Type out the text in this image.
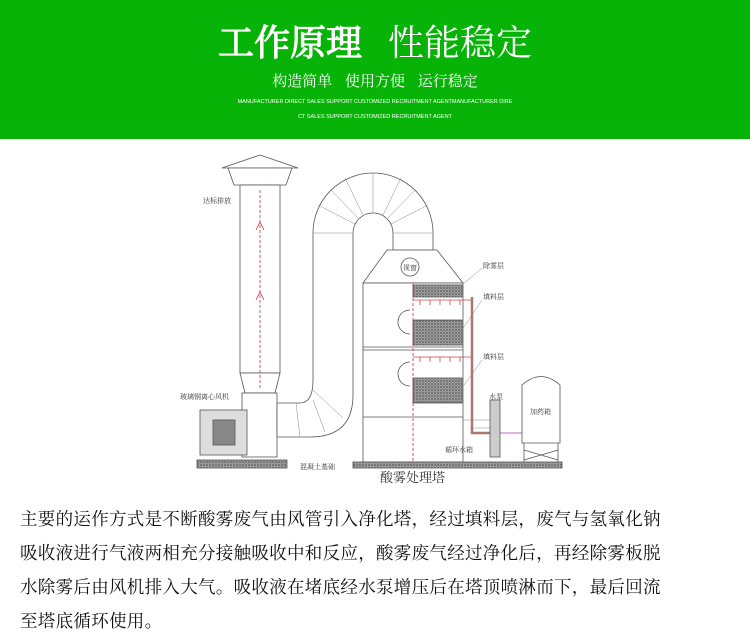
工作原理 性能稳定
构造简单 使用方便 运行稳定
MANUFACTURER DIRECT SALES SUPPORT CUSTOMIZED RECRUITMENT AGENTMANUFACTURER DIRE
CT SALES SUPPORT CUSTOMIZED RECRUITMENT AGENT
达标排放
玻璃钢离心风机
混凝土基础
视窗	除雾层
填料层
填料层
水泵
加药箱
循环水箱
酸雾处理塔
主要的运作方式是不断酸雾废气由风管引入净化塔，经过填料层，废气与氢氧化钠
吸收液进行气液两相充分接触吸收中和反应，酸雾废气经过净化后，再经除雾板脱
水除雾后由风机排入大气。吸收液在堵底经水泵增压后在塔顶喷淋而下，最后回流
至塔底循环使用。
